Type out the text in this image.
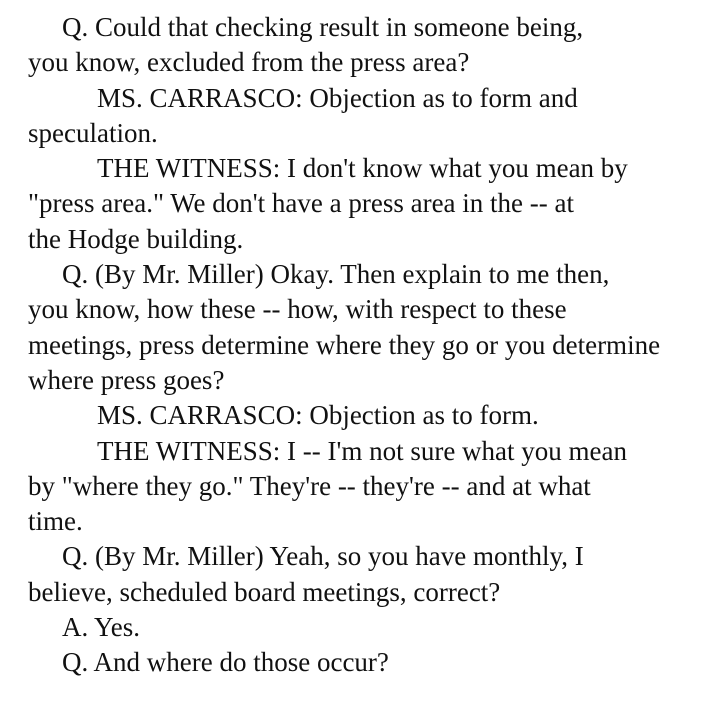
Q. Could that checking result in someone being,
you know, excluded from the press area?
MS. CARRASCO: Objection as to form and
speculation.
THE WITNESS: I don't know what you mean by
"press area." We don't have a press area in the -- at
the Hodge building.
Q. (By Mr. Miller) Okay. Then explain to me then,
you know, how these -- how, with respect to these
meetings, press determine where they go or you determine
where press goes?
MS. CARRASCO: Objection as to form.
THE WITNESS: I -- I'm not sure what you mean
by "where they go." They're -- they're -- and at what
time.
Q. (By Mr. Miller) Yeah, so you have monthly, I
believe, scheduled board meetings, correct?
A. Yes.
Q. And where do those occur?
